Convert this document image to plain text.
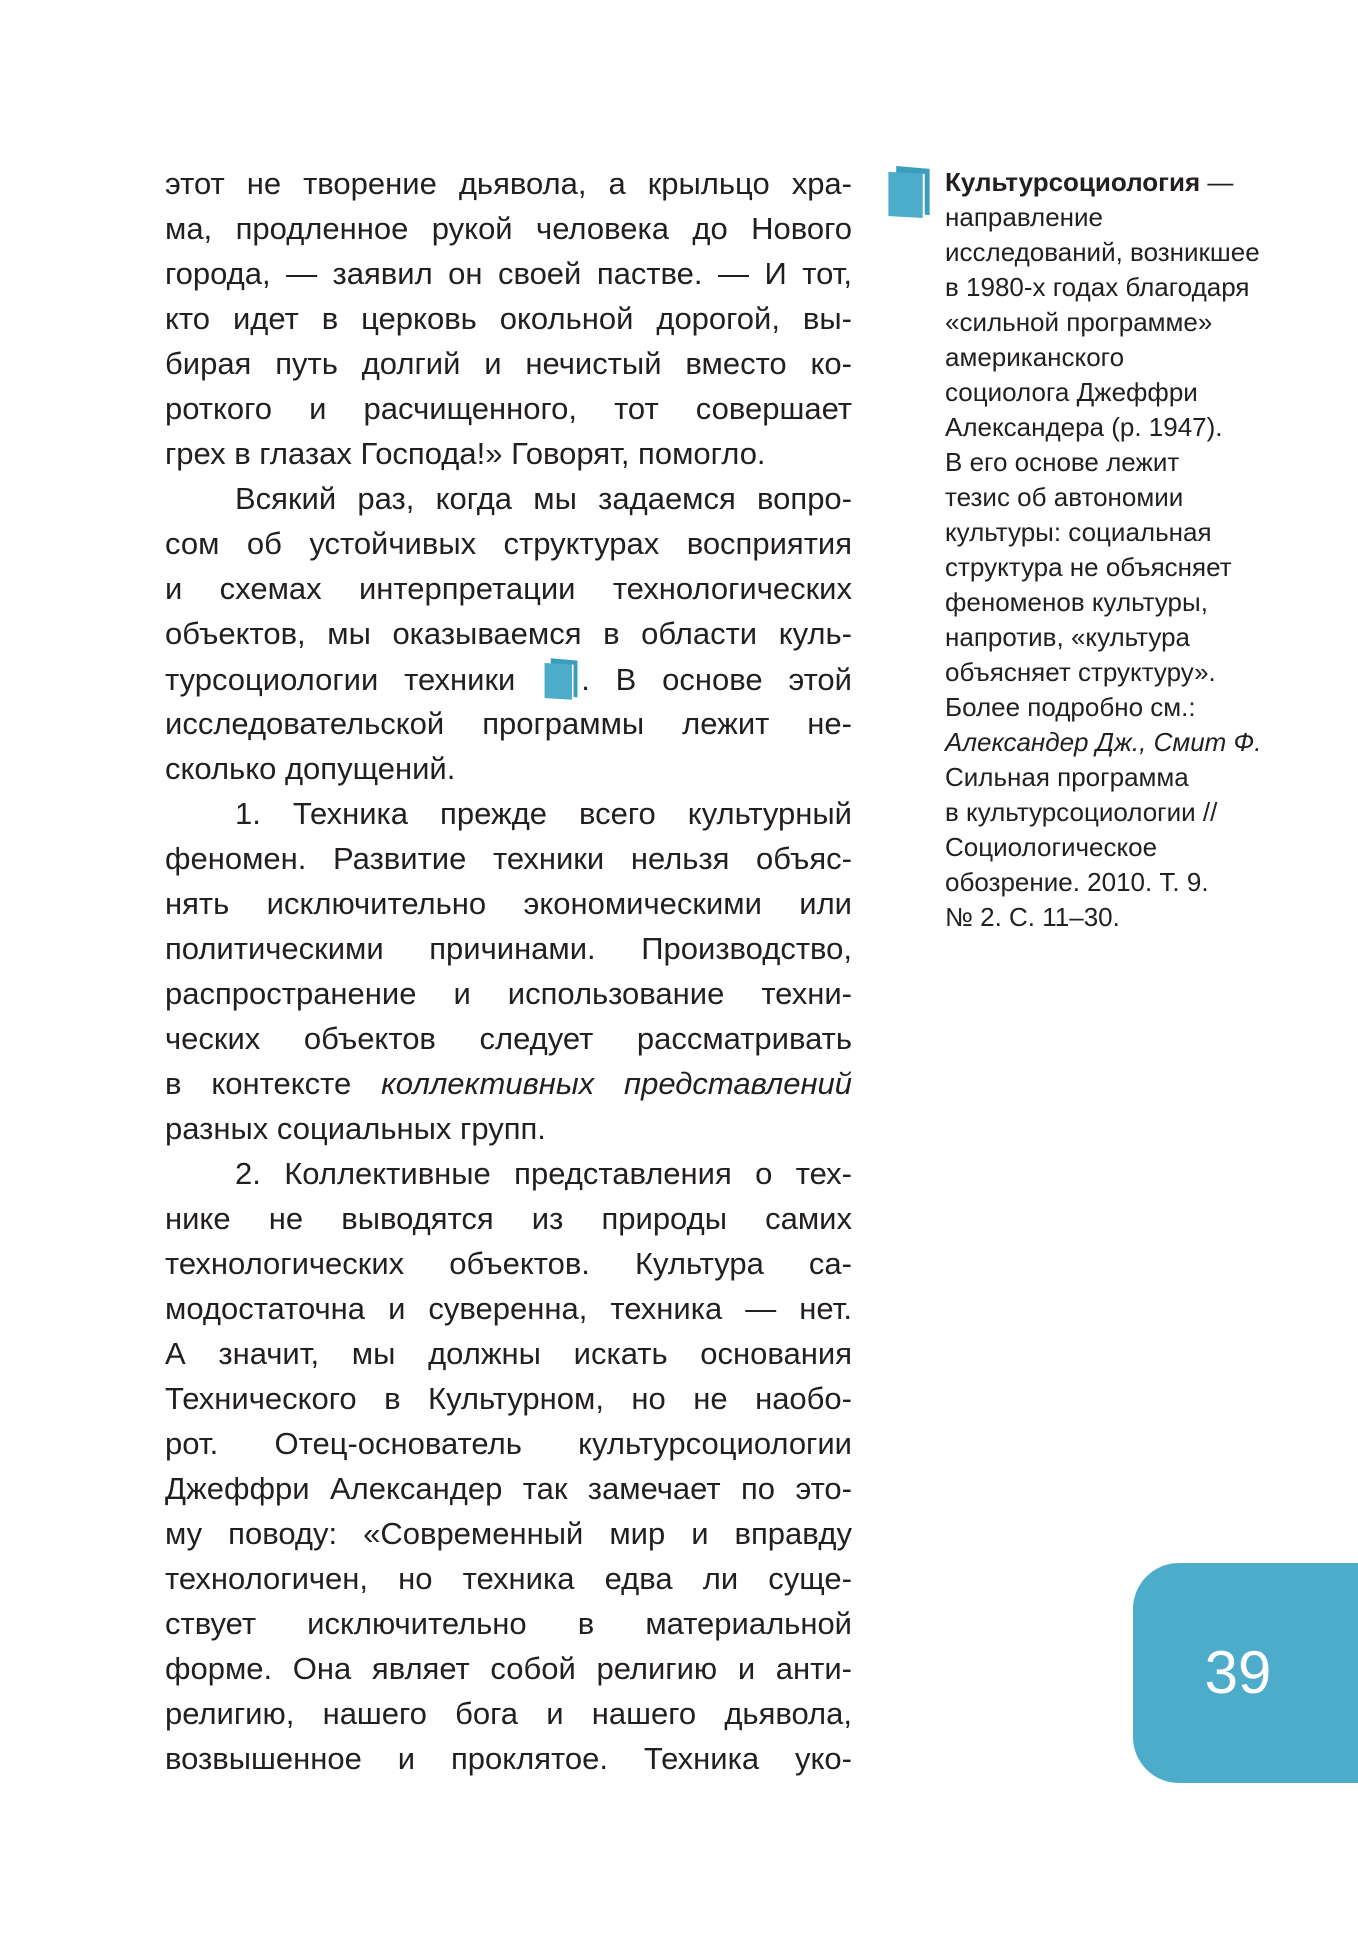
этот не творение дьявола, а крыльцо хра-
ма, продленное рукой человека до Нового
города, — заявил он своей пастве. — И тот,
кто идет в церковь окольной дорогой, вы-
бирая путь долгий и нечистый вместо ко-
роткого и расчищенного, тот совершает
грех в глазах Господа!» Говорят, помогло.
Всякий раз, когда мы задаемся вопро-
сом об устойчивых структурах восприятия
и схемах интерпретации технологических
объектов, мы оказываемся в области куль-
турсоциологии техники . В основе этой
исследовательской программы лежит не-
сколько допущений.
1. Техника прежде всего культурный
феномен. Развитие техники нельзя объяс-
нять исключительно экономическими или
политическими причинами. Производство,
распространение и использование техни-
ческих объектов следует рассматривать
в контексте коллективных представлений
разных социальных групп.
2. Коллективные представления о тех-
нике не выводятся из природы самих
технологических объектов. Культура са-
модостаточна и суверенна, техника — нет.
А значит, мы должны искать основания
Технического в Культурном, но не наобо-
рот. Отец-основатель культурсоциологии
Джеффри Александер так замечает по это-
му поводу: «Современный мир и вправду
технологичен, но техника едва ли суще-
ствует исключительно в материальной
форме. Она являет собой религию и анти-
религию, нашего бога и нашего дьявола,
возвышенное и проклятое. Техника уко-
Культурсоциология —
направление
исследований, возникшее
в 1980-х годах благодаря
«сильной программе»
американского
социолога Джеффри
Александера (р. 1947).
В его основе лежит
тезис об автономии
культуры: социальная
структура не объясняет
феноменов культуры,
напротив, «культура
объясняет структуру».
Более подробно см.:
Александер Дж., Смит Ф.
Сильная программа
в культурсоциологии //
Социологическое
обозрение. 2010. Т. 9.
№ 2. С. 11–30.
39
